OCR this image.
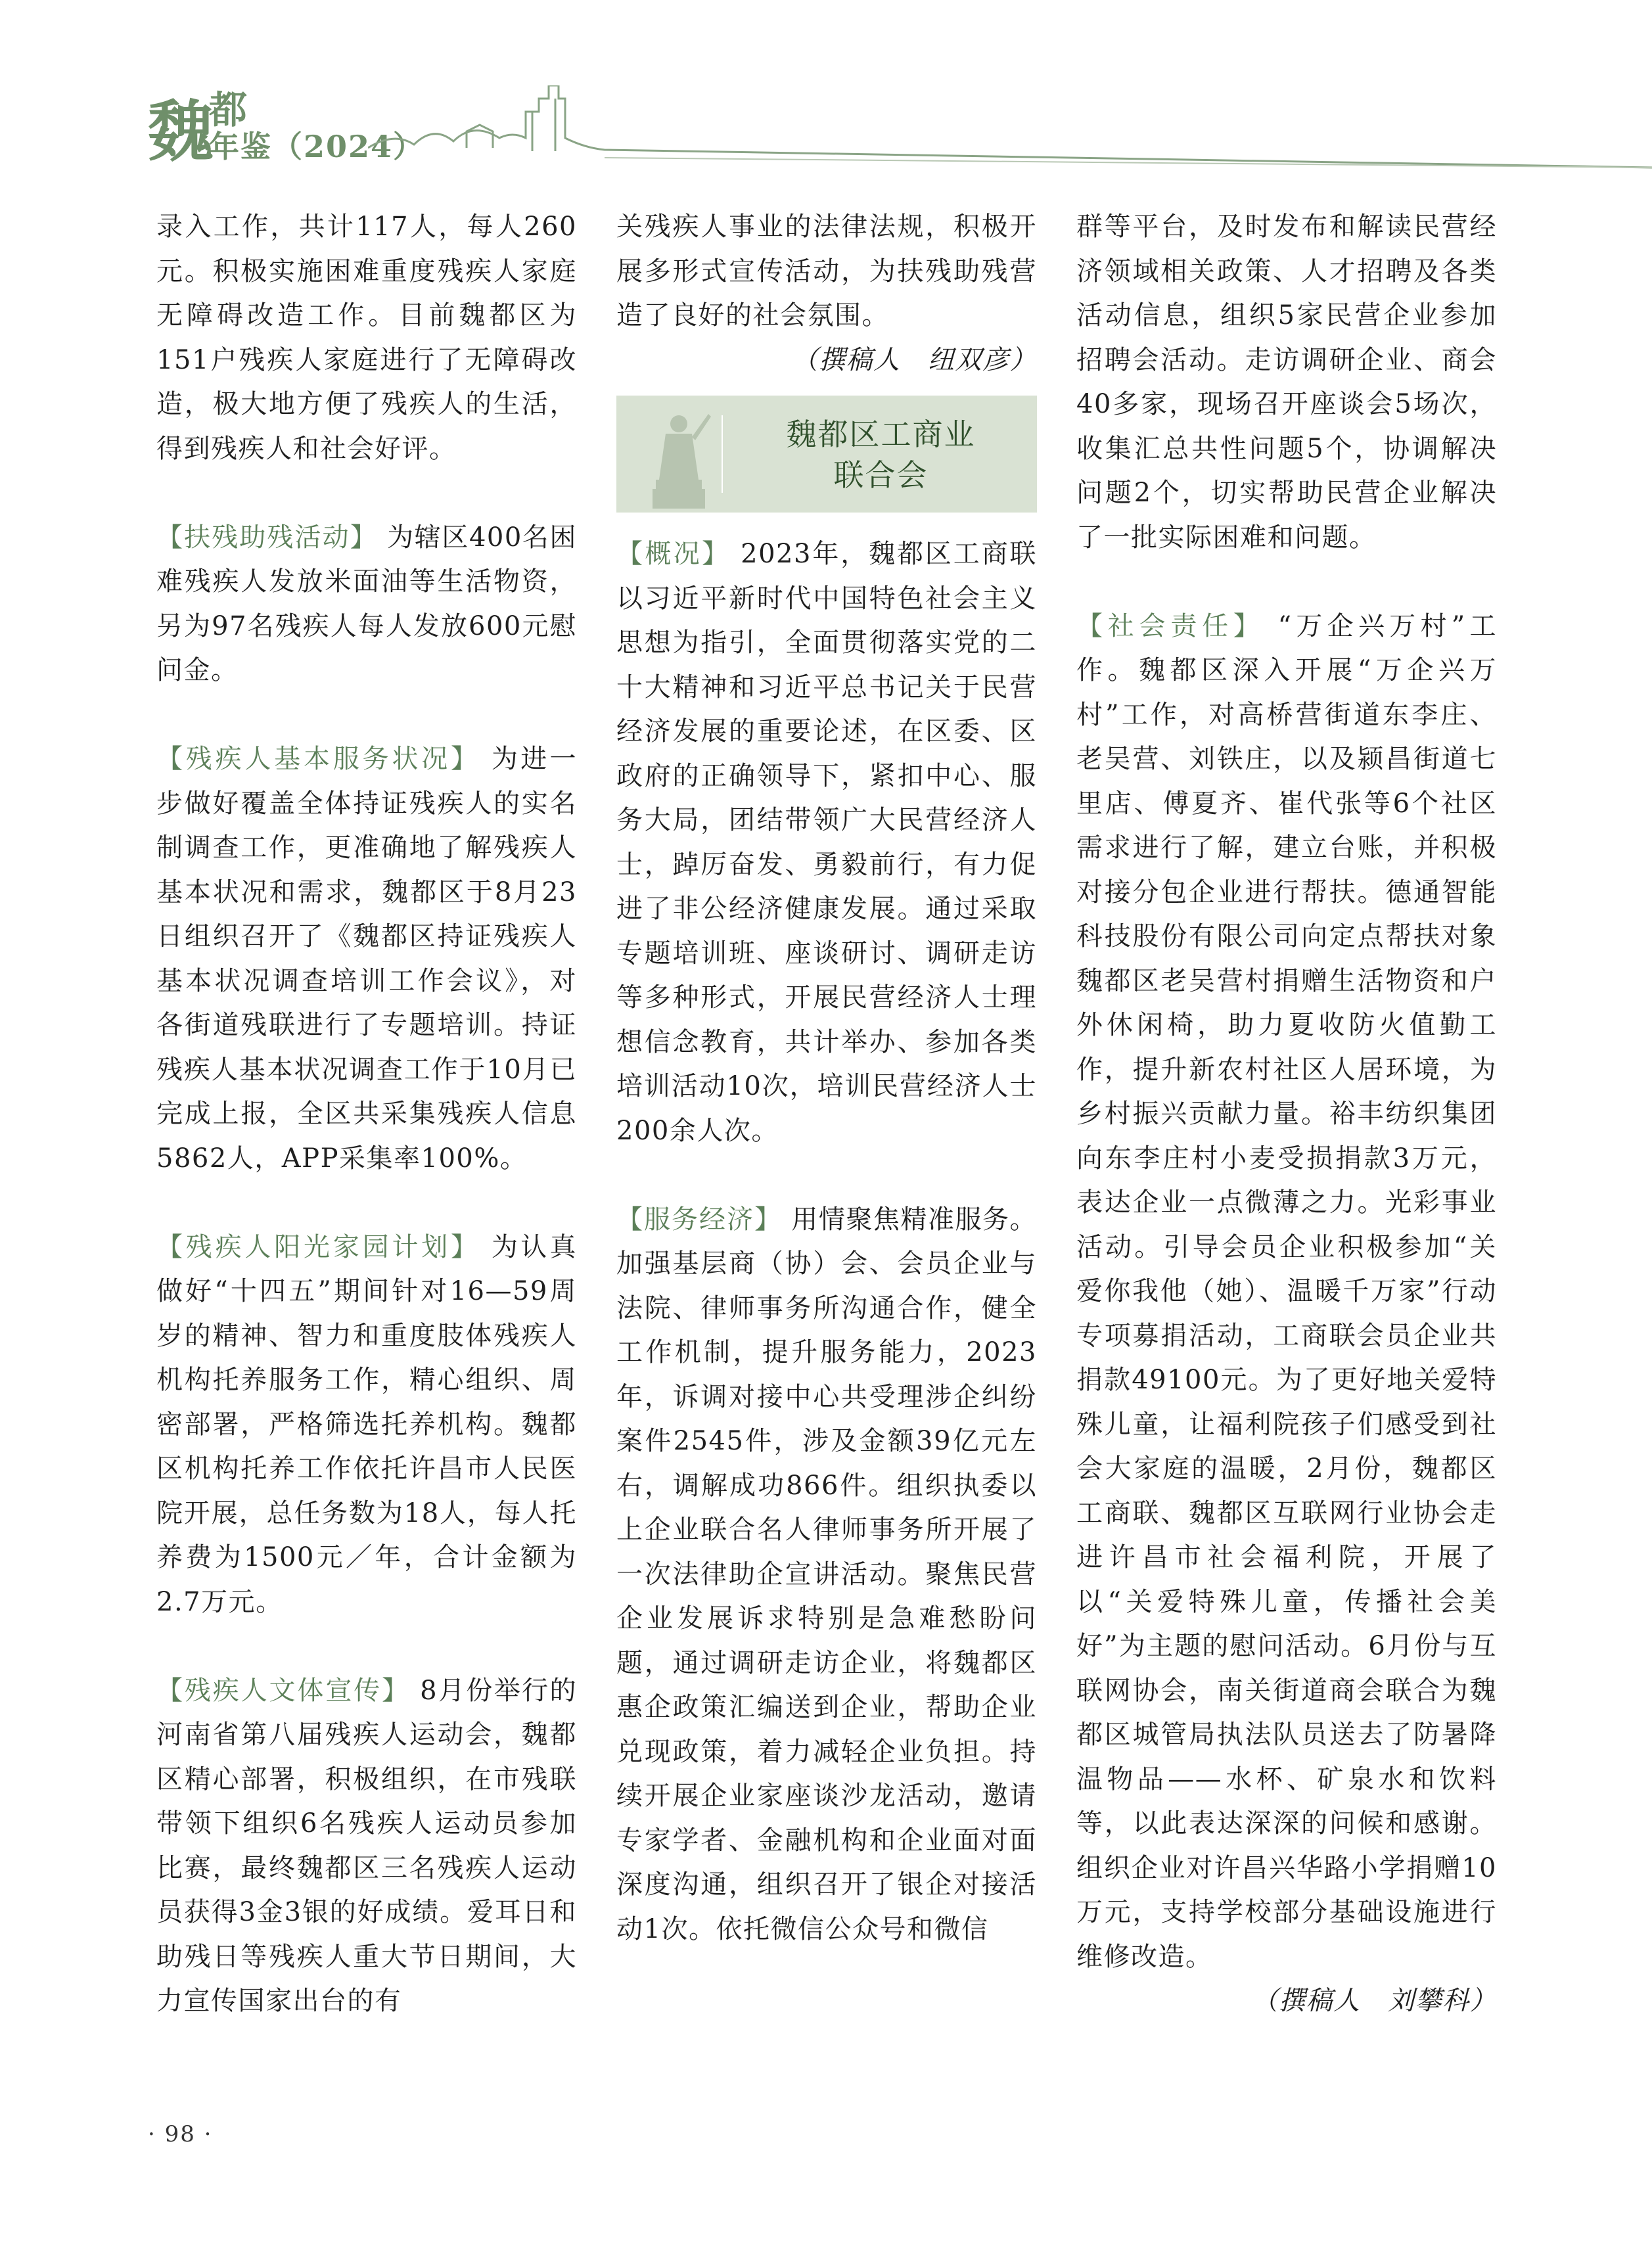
魏
都
年鉴（2024）

录入工作，共计117人，每人260元。积极实施困难重度残疾人家庭无障碍改造工作。目前魏都区为151户残疾人家庭进行了无障碍改造，极大地方便了残疾人的生活，得到残疾人和社会好评。

【扶残助残活动】 为辖区400名困难残疾人发放米面油等生活物资，另为97名残疾人每人发放600元慰问金。

【残疾人基本服务状况】 为进一步做好覆盖全体持证残疾人的实名制调查工作，更准确地了解残疾人基本状况和需求，魏都区于8月23日组织召开了《魏都区持证残疾人基本状况调查培训工作会议》，对各街道残联进行了专题培训。持证残疾人基本状况调查工作于10月已完成上报，全区共采集残疾人信息5862人，APP采集率100%。

【残疾人阳光家园计划】 为认真做好“十四五”期间针对16—59周岁的精神、智力和重度肢体残疾人机构托养服务工作，精心组织、周密部署，严格筛选托养机构。魏都区机构托养工作依托许昌市人民医院开展，总任务数为18人，每人托养费为1500元／年，合计金额为2.7万元。

【残疾人文体宣传】 8月份举行的河南省第八届残疾人运动会，魏都区精心部署，积极组织，在市残联带领下组织6名残疾人运动员参加比赛，最终魏都区三名残疾人运动员获得3金3银的好成绩。爱耳日和助残日等残疾人重大节日期间，大力宣传国家出台的有

关残疾人事业的法律法规，积极开展多形式宣传活动，为扶残助残营造了良好的社会氛围。

（撰稿人　纽双彦）

魏都区工商业
联合会

【概况】 2023年，魏都区工商联以习近平新时代中国特色社会主义思想为指引，全面贯彻落实党的二十大精神和习近平总书记关于民营经济发展的重要论述，在区委、区政府的正确领导下，紧扣中心、服务大局，团结带领广大民营经济人士，踔厉奋发、勇毅前行，有力促进了非公经济健康发展。通过采取专题培训班、座谈研讨、调研走访等多种形式，开展民营经济人士理想信念教育，共计举办、参加各类培训活动10次，培训民营经济人士200余人次。

【服务经济】 用情聚焦精准服务。加强基层商（协）会、会员企业与法院、律师事务所沟通合作，健全工作机制，提升服务能力，2023年，诉调对接中心共受理涉企纠纷案件2545件，涉及金额39亿元左右，调解成功866件。组织执委以上企业联合名人律师事务所开展了一次法律助企宣讲活动。聚焦民营企业发展诉求特别是急难愁盼问题，通过调研走访企业，将魏都区惠企政策汇编送到企业，帮助企业兑现政策，着力减轻企业负担。持续开展企业家座谈沙龙活动，邀请专家学者、金融机构和企业面对面深度沟通，组织召开了银企对接活动1次。依托微信公众号和微信

群等平台，及时发布和解读民营经济领域相关政策、人才招聘及各类活动信息，组织5家民营企业参加招聘会活动。走访调研企业、商会40多家，现场召开座谈会5场次，收集汇总共性问题5个，协调解决问题2个，切实帮助民营企业解决了一批实际困难和问题。

【社会责任】 “万企兴万村”工作。魏都区深入开展“万企兴万村”工作，对高桥营街道东李庄、老吴营、刘铁庄，以及颍昌街道七里店、傅夏齐、崔代张等6个社区需求进行了解，建立台账，并积极对接分包企业进行帮扶。德通智能科技股份有限公司向定点帮扶对象魏都区老吴营村捐赠生活物资和户外休闲椅，助力夏收防火值勤工作，提升新农村社区人居环境，为乡村振兴贡献力量。裕丰纺织集团向东李庄村小麦受损捐款3万元，表达企业一点微薄之力。光彩事业活动。引导会员企业积极参加“关爱你我他（她）、温暖千万家”行动专项募捐活动，工商联会员企业共捐款49100元。为了更好地关爱特殊儿童，让福利院孩子们感受到社会大家庭的温暖，2月份，魏都区工商联、魏都区互联网行业协会走进许昌市社会福利院，开展了以“关爱特殊儿童，传播社会美好”为主题的慰问活动。6月份与互联网协会，南关街道商会联合为魏都区城管局执法队员送去了防暑降温物品——水杯、矿泉水和饮料等，以此表达深深的问候和感谢。组织企业对许昌兴华路小学捐赠10万元，支持学校部分基础设施进行维修改造。

（撰稿人　刘攀科）

· 98 ·
